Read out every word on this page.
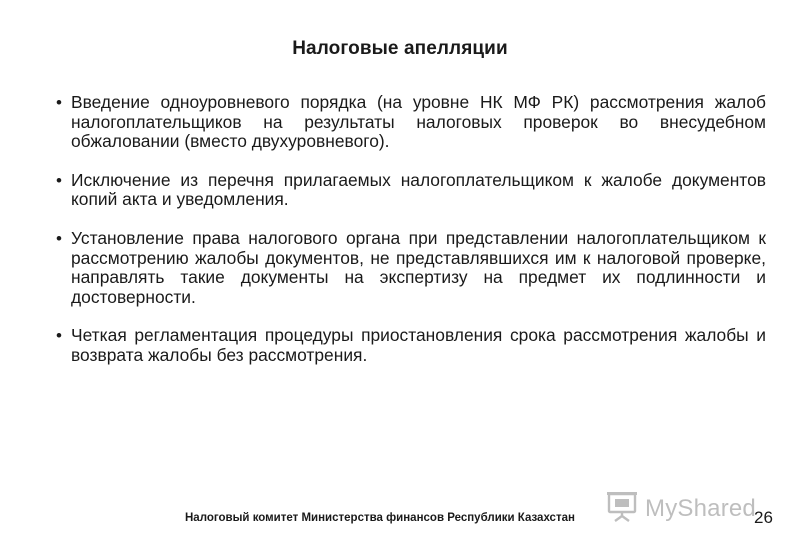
Налоговые апелляции
• Введение одноуровневого порядка (на уровне НК МФ РК) рассмотрения жалоб налогоплательщиков на результаты налоговых проверок во внесудебном обжаловании (вместо двухуровневого).
• Исключение из перечня прилагаемых налогоплательщиком к жалобе документов копий акта и уведомления.
• Установление права налогового органа при представлении налогоплательщиком к рассмотрению жалобы документов, не представлявшихся им к налоговой проверке, направлять такие документы на экспертизу на предмет их подлинности и достоверности.
• Четкая регламентация процедуры приостановления срока рассмотрения жалобы и возврата жалобы без рассмотрения.
Налоговый комитет Министерства финансов Республики Казахстан	MyShared
26
